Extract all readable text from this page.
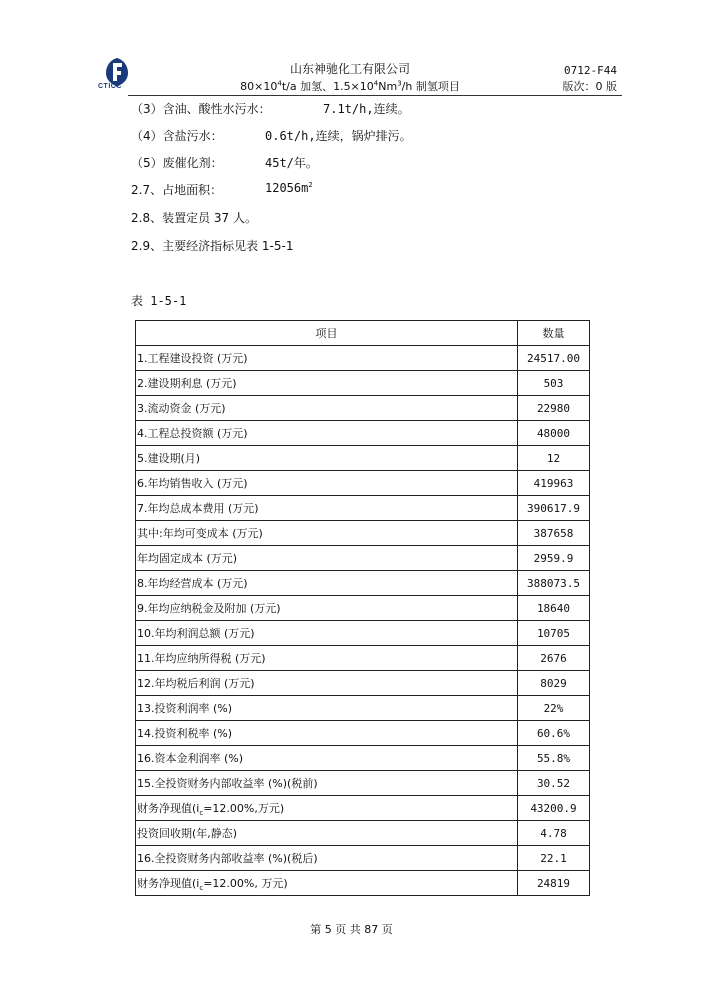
CTICC
山东神驰化工有限公司
$80\times 10^4t/a$ 加氢、$1.5\times 10^4Nm^3/h$ 制氢项目
0712-F44
版次：0 版
（3）含油、酸性水污水：	7.1t/h,连续。
（4）含盐污水：	0.6t/h,连续，锅炉排污。
（5）废催化剂：	45t/年。
2.7、占地面积：	$12056m^2$
2.8、装置定员 37 人。
2.9、主要经济指标见表 1-5-1
表 1-5-1
项目	数量
1.工程建设投资 (万元)	24517.00
2.建设期利息 (万元)	503
3.流动资金 (万元)	22980
4.工程总投资额 (万元)	48000
5.建设期(月)	12
6.年均销售收入 (万元)	419963
7.年均总成本费用 (万元)	390617.9
其中:年均可变成本 (万元)	387658
年均固定成本 (万元)	2959.9
8.年均经营成本 (万元)	388073.5
9.年均应纳税金及附加 (万元)	18640
10.年均利润总额 (万元)	10705
11.年均应纳所得税 (万元)	2676
12.年均税后利润 (万元)	8029
13.投资利润率 (%)	22%
14.投资利税率 (%)	60.6%
16.资本金利润率 (%)	55.8%
15.全投资财务内部收益率 (%)(税前)	30.52
财务净现值($i_c=12.00\%$,万元)	43200.9
投资回收期(年,静态)	4.78
16.全投资财务内部收益率 (%)(税后)	22.1
财务净现值($i_c=12.00\%$, 万元)	24819
第 5 页 共 87 页
